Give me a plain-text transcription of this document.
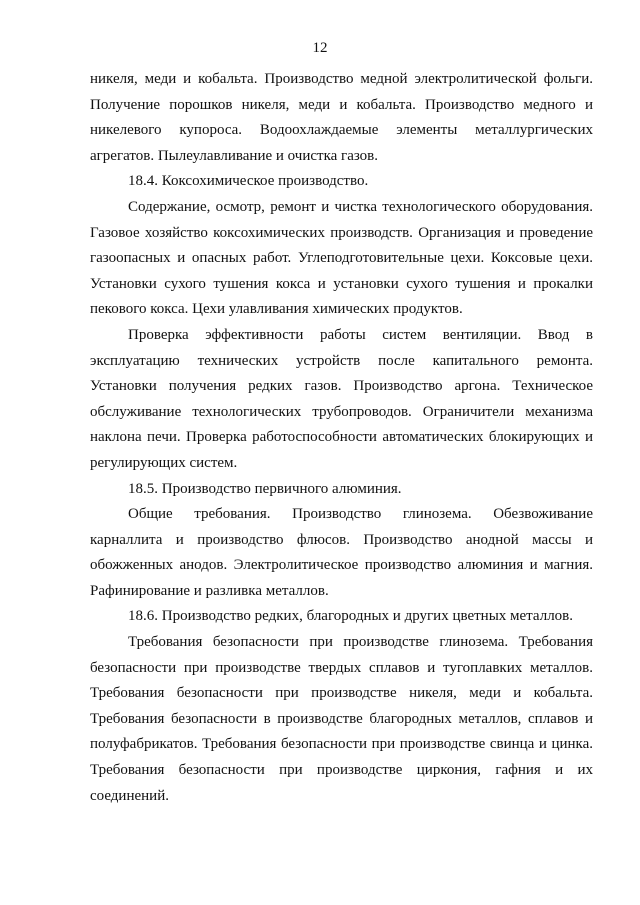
12

никеля, меди и кобальта. Производство медной электролитической фольги. Получение порошков никеля, меди и кобальта. Производство медного и никелевого купороса. Водоохлаждаемые элементы металлургических агрегатов. Пылеулавливание и очистка газов.

18.4. Коксохимическое производство.

Содержание, осмотр, ремонт и чистка технологического оборудования. Газовое хозяйство коксохимических производств. Организация и проведение газоопасных и опасных работ. Углеподготовительные цехи. Коксовые цехи. Установки сухого тушения кокса и установки сухого тушения и прокалки пекового кокса. Цехи улавливания химических продуктов.

Проверка эффективности работы систем вентиляции. Ввод в эксплуатацию технических устройств после капитального ремонта. Установки получения редких газов. Производство аргона. Техническое обслуживание технологических трубопроводов. Ограничители механизма наклона печи. Проверка работоспособности автоматических блокирующих и регулирующих систем.

18.5. Производство первичного алюминия.

Общие требования. Производство глинозема. Обезвоживание карналлита и производство флюсов. Производство анодной массы и обожженных анодов. Электролитическое производство алюминия и магния. Рафинирование и разливка металлов.

18.6. Производство редких, благородных и других цветных металлов.

Требования безопасности при производстве глинозема. Требования безопасности при производстве твердых сплавов и тугоплавких металлов. Требования безопасности при производстве никеля, меди и кобальта. Требования безопасности в производстве благородных металлов, сплавов и полуфабрикатов. Требования безопасности при производстве свинца и цинка. Требования безопасности при производстве циркония, гафния и их соединений.
